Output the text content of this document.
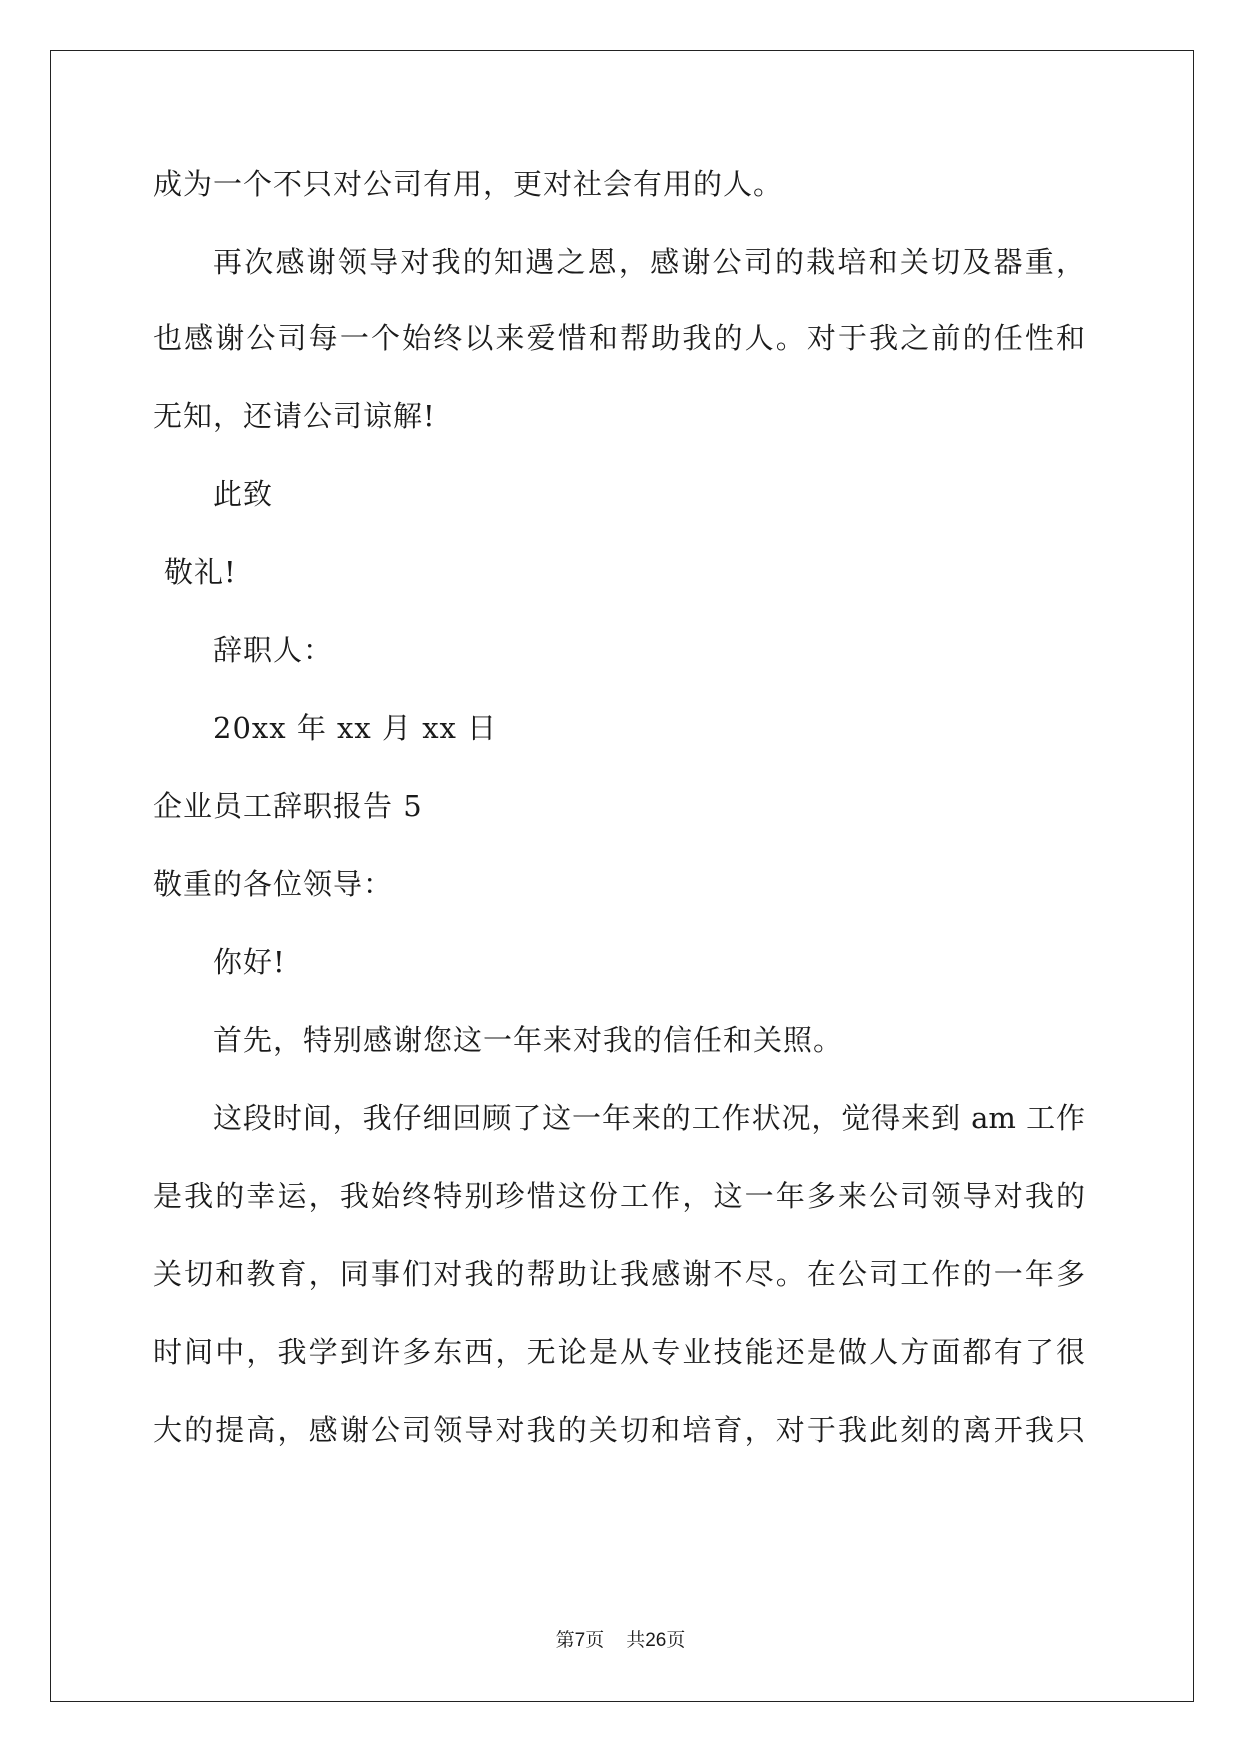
成为一个不只对公司有用，更对社会有用的人。
再次感谢领导对我的知遇之恩，感谢公司的栽培和关切及器重，
也感谢公司每一个始终以来爱惜和帮助我的人。对于我之前的任性和
无知，还请公司谅解!
此致
敬礼!
辞职人：
20xx 年 xx 月 xx 日
企业员工辞职报告 5
敬重的各位领导：
你好!
首先，特别感谢您这一年来对我的信任和关照。
这段时间，我仔细回顾了这一年来的工作状况，觉得来到 am 工作
是我的幸运，我始终特别珍惜这份工作，这一年多来公司领导对我的
关切和教育，同事们对我的帮助让我感谢不尽。在公司工作的一年多
时间中，我学到许多东西，无论是从专业技能还是做人方面都有了很
大的提高，感谢公司领导对我的关切和培育，对于我此刻的离开我只
第7页 共26页
